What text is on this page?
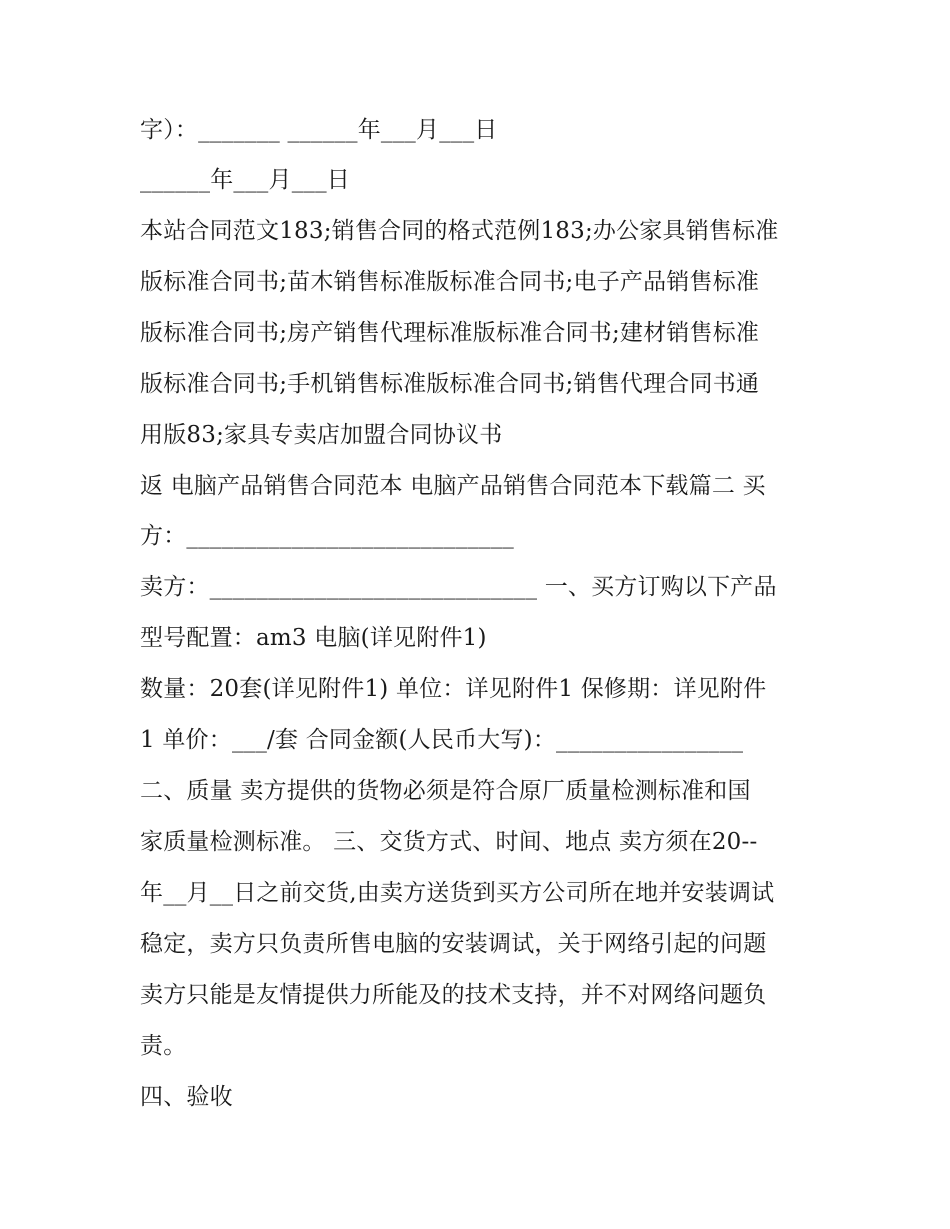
字）：_______ ______年___月___日

______年___月___日

本站合同范文183;销售合同的格式范例183;办公家具销售标准

版标准合同书;苗木销售标准版标准合同书;电子产品销售标准

版标准合同书;房产销售代理标准版标准合同书;建材销售标准

版标准合同书;手机销售标准版标准合同书;销售代理合同书通

用版83;家具专卖店加盟合同协议书

返 电脑产品销售合同范本 电脑产品销售合同范本下载篇二 买

方：____________________________

卖方：____________________________ 一、买方订购以下产品

型号配置：am3 电脑(详见附件1)

数量：20套(详见附件1) 单位：详见附件1 保修期：详见附件

1 单价：___/套 合同金额(人民币大写)：________________

二、质量 卖方提供的货物必须是符合原厂质量检测标准和国

家质量检测标准。 三、交货方式、时间、地点 卖方须在20--

年__月__日之前交货,由卖方送货到买方公司所在地并安装调试

稳定，卖方只负责所售电脑的安装调试，关于网络引起的问题

卖方只能是友情提供力所能及的技术支持，并不对网络问题负

责。

四、验收
